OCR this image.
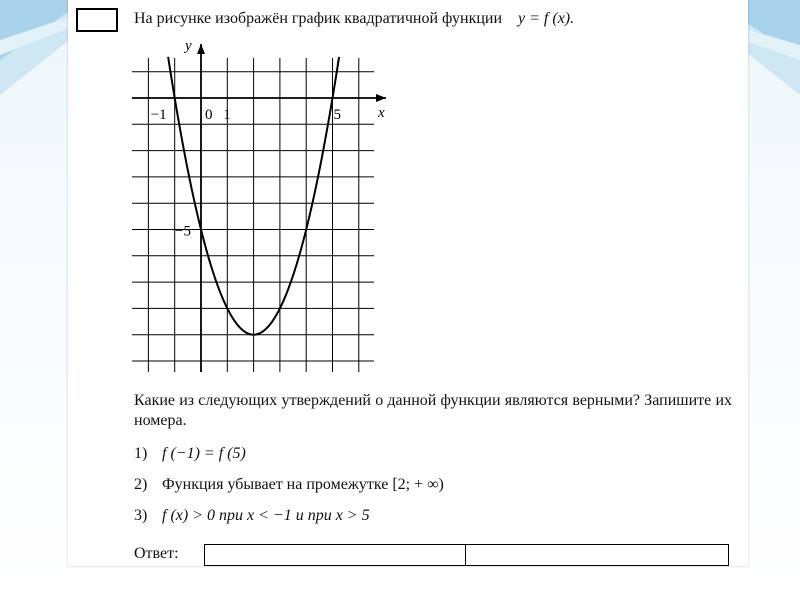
На рисунке изображён график квадратичной функции y = f (x).
y
x
−1	0 1	5
−5
Какие из следующих утверждений о данной функции являются верными? Запишите их номера.
1) f (−1) = f (5)
2) Функция убывает на промежутке [2; + ∞)
3) f (x) > 0 при x < −1 и при x > 5
Ответ:
